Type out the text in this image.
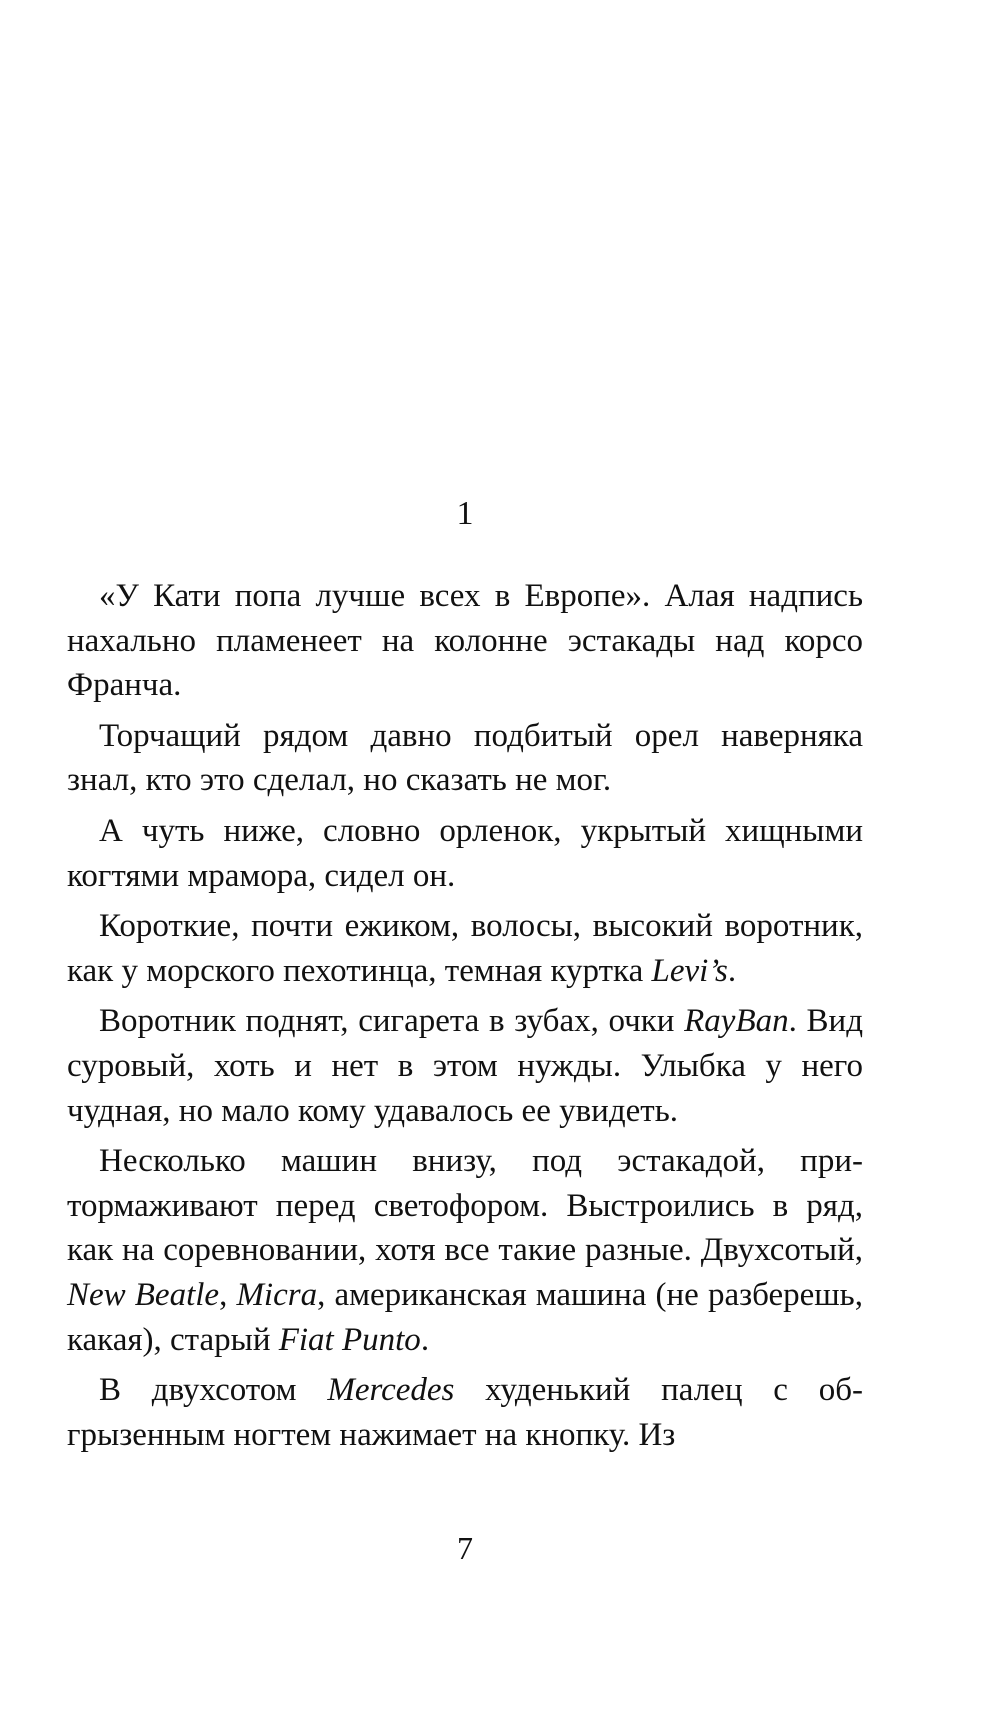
1

«У Кати попа лучше всех в Европе». Алая надпись нахально пламенеет на колонне эстакады над корсо Франча.

Торчащий рядом давно подбитый орел наверняка знал, кто это сделал, но сказать не мог.

А чуть ниже, словно орленок, укрытый хищными когтями мрамора, сидел он.

Короткие, почти ежиком, волосы, высокий воротник, как у морского пехотинца, темная куртка Levi’s.

Воротник поднят, сигарета в зубах, очки RayBan. Вид суровый, хоть и нет в этом нужды. Улыбка у него чудная, но мало кому удавалось ее увидеть.

Несколько машин внизу, под эстакадой, притормаживают перед светофором. Выстроились в ряд, как на соревновании, хотя все такие разные. Двухсотый, New Beatle, Micra, американская машина (не разберешь, какая), старый Fiat Punto.

В двухсотом Mercedes худенький палец с обгрызенным ногтем нажимает на кнопку. Из

7
